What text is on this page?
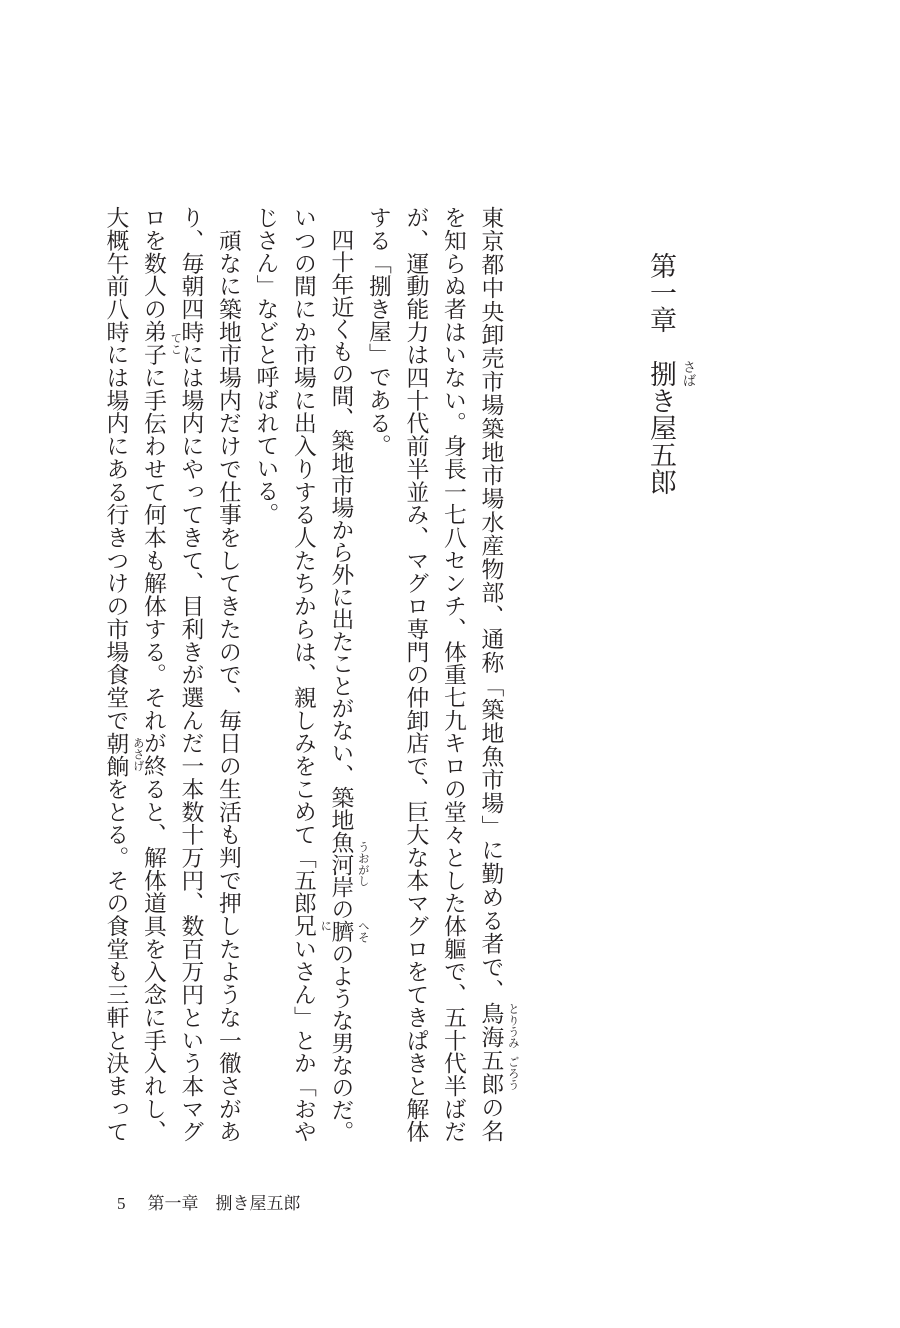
第一章　捌 さば
き屋五郎
東京都中央卸売市場築地市場水産物部、通称「築地魚市場」に勤める者で、鳥海 とりうみ
五郎 ごろう
の名
を知らぬ者はいない。身長一七八センチ、体重七九キロの堂々とした体軀で、五十代半ばだ
が、運動能力は四十代前半並み、マグロ専門の仲卸店で、巨大な本マグロをてきぱきと解体
する「捌き屋」である。
　四十年近くもの間、築地市場から外に出たことがない、築地魚河岸 うおがし
の臍 へそ
のような男なのだ。
いつの間にか市場に出入りする人たちからは、親しみをこめて「五郎兄 に
いさん」とか「おや
じさん」などと呼ばれている。
　頑なに築地市場内だけで仕事をしてきたので、毎日の生活も判で押したような一徹さがあ
り、毎朝四時には場内にやってきて、目利きが選んだ一本数十万円、数百万円という本マグ
ロを数人の弟子 てこ
に手伝わせて何本も解体する。それが終ると、解体道具を入念に手入れし、
大概午前八時には場内にある行きつけの市場食堂で朝餉 あさげ
をとる。その食堂も三軒と決まって
5 第一章　捌き屋五郎
